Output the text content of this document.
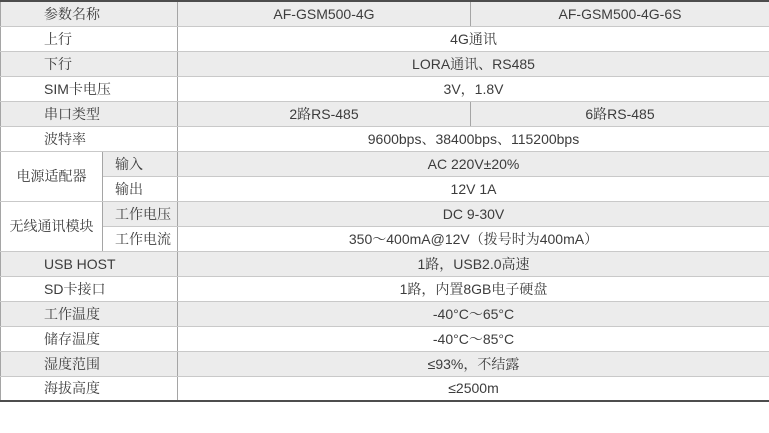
参数名称		AF-GSM500-4G	AF-GSM500-4G-6S
上行		4G通讯	
下行		LORA通讯、RS485	
SIM卡电压		3V，1.8V	
串口类型		2路RS-485	6路RS-485
波特率		9600bps、38400bps、115200bps	
电源适配器	输入	AC 220V±20%	
	输出	12V 1A	
无线通讯模块	工作电压	DC 9-30V	
	工作电流	350～400mA@12V（拨号时为400mA）	
USB HOST		1路，USB2.0高速	
SD卡接口		1路，内置8GB电子硬盘	
工作温度		-40°C～65°C	
储存温度		-40°C～85°C	
湿度范围		≤93%，不结露	
海拔高度		≤2500m	
